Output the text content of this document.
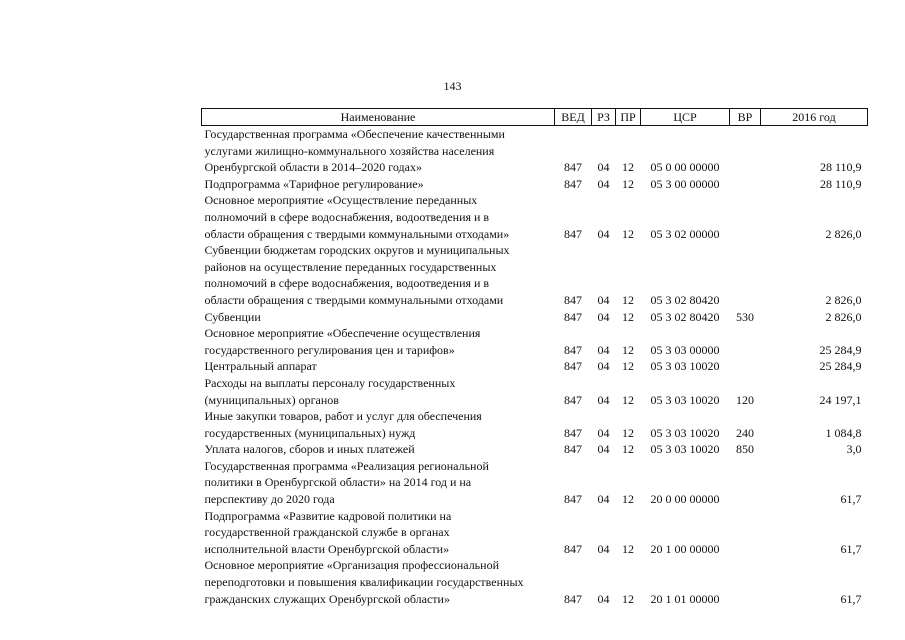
143
Наименование	ВЕД	РЗ	ПР	ЦСР	ВР	2016 год

Государственная программа «Обеспечение качественными
услугами жилищно-коммунального хозяйства населения
Оренбургской области в 2014–2020 годах»	847	04	12	05 0 00 00000		28 110,9

Подпрограмма «Тарифное регулирование»	847	04	12	05 3 00 00000		28 110,9

Основное мероприятие «Осуществление переданных
полномочий в сфере водоснабжения, водоотведения и в
области обращения с твердыми коммунальными отходами»	847	04	12	05 3 02 00000		2 826,0

Субвенции бюджетам городских округов и муниципальных
районов на осуществление переданных государственных
полномочий в сфере водоснабжения, водоотведения и в
области обращения с твердыми коммунальными отходами	847	04	12	05 3 02 80420		2 826,0

Субвенции	847	04	12	05 3 02 80420	530	2 826,0

Основное мероприятие «Обеспечение осуществления
государственного регулирования цен и тарифов»	847	04	12	05 3 03 00000		25 284,9

Центральный аппарат	847	04	12	05 3 03 10020		25 284,9

Расходы на выплаты персоналу государственных
(муниципальных) органов	847	04	12	05 3 03 10020	120	24 197,1

Иные закупки товаров, работ и услуг для обеспечения
государственных (муниципальных) нужд	847	04	12	05 3 03 10020	240	1 084,8

Уплата налогов, сборов и иных платежей	847	04	12	05 3 03 10020	850	3,0

Государственная программа «Реализация региональной
политики в Оренбургской области» на 2014 год и на
перспективу до 2020 года	847	04	12	20 0 00 00000		61,7

Подпрограмма «Развитие кадровой политики на
государственной гражданской службе в органах
исполнительной власти Оренбургской области»	847	04	12	20 1 00 00000		61,7

Основное мероприятие «Организация профессиональной
переподготовки и повышения квалификации государственных
гражданских служащих Оренбургской области»	847	04	12	20 1 01 00000		61,7
